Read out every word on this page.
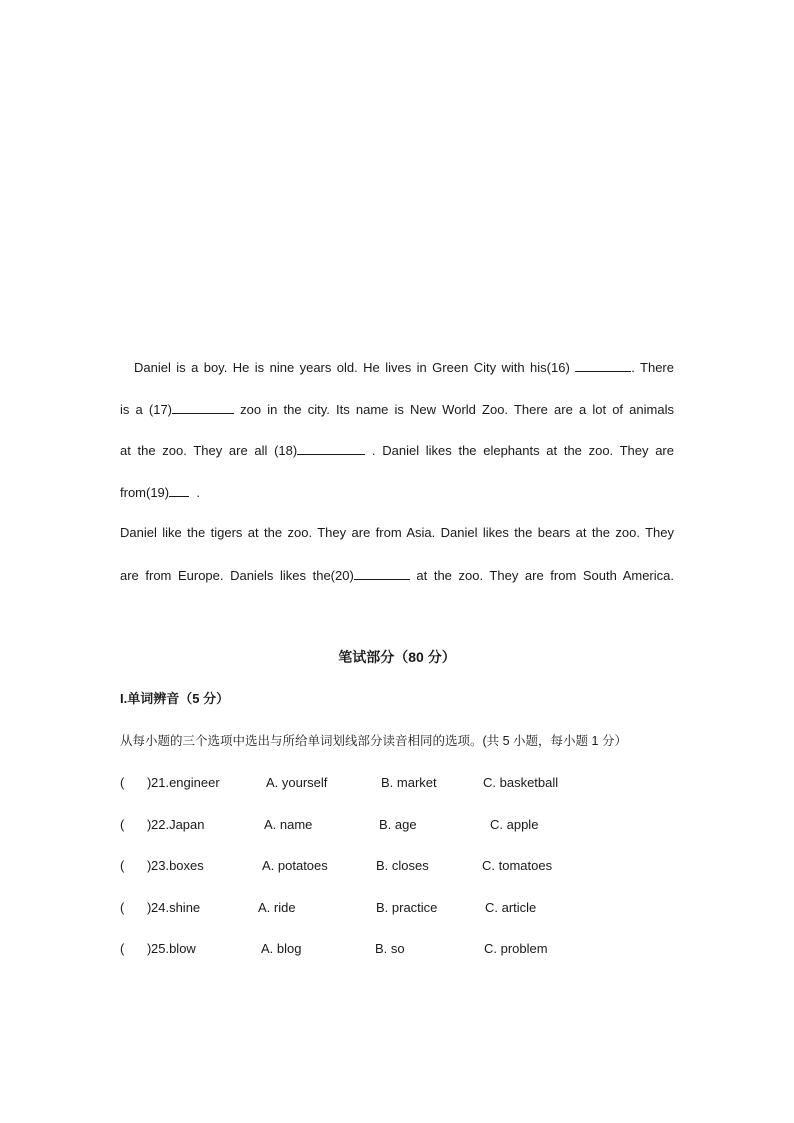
Daniel is a boy. He is nine years old. He lives in Green City with his(16)	. There
is a (17)	zoo in the city. Its name is New World Zoo. There are a lot of animals
at the zoo. They are all (18)	. Daniel likes the elephants at the zoo. They are
from(19) .
Daniel like the tigers at the zoo. They are from Asia. Daniel likes the bears at the zoo. They
are from Europe. Daniels likes the(20)	at the zoo. They are from South America.
笔试部分（80 分）
I.单词辨音（5 分）
从每小题的三个选项中选出与所给单词划线部分读音相同的选项。(共 5 小题，每小题 1 分）
( ) 21.engineer	A. yourself	B. market	C. basketball
( ) 22.Japan	A. name	B. age	C. apple
( ) 23.boxes	A. potatoes	B. closes	C. tomatoes
( ) 24.shine	A. ride	B. practice	C. article
( ) 25.blow	A. blog	B. so	C. problem
